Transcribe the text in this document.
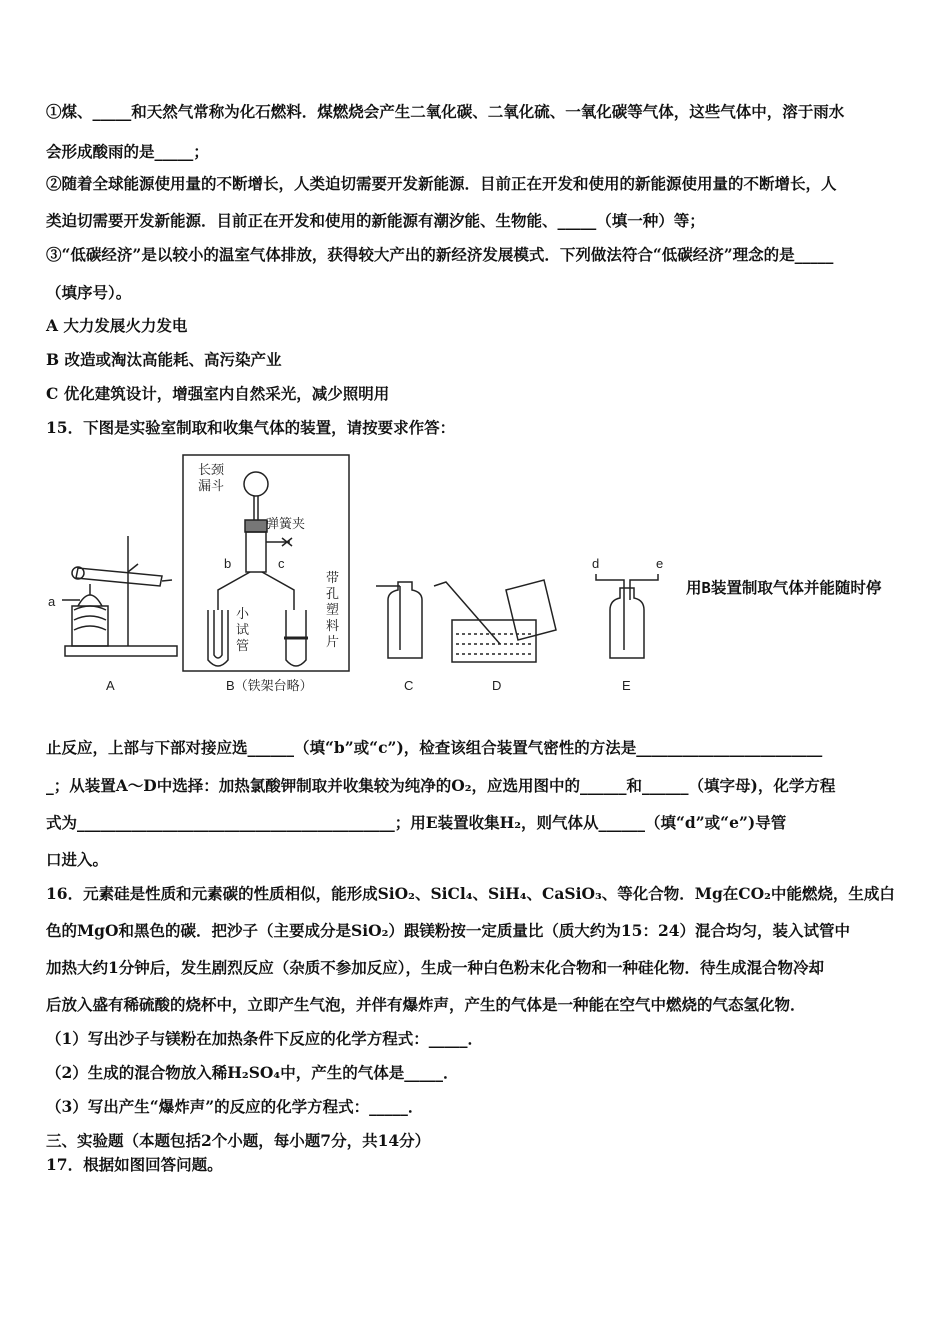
①煤、_____和天然气常称为化石燃料．煤燃烧会产生二氧化碳、二氧化硫、一氧化碳等气体，这些气体中，溶于雨水
会形成酸雨的是_____；
②随着全球能源使用量的不断增长，人类迫切需要开发新能源．目前正在开发和使用的新能源使用量的不断增长，人
类迫切需要开发新能源．目前正在开发和使用的新能源有潮汐能、生物能、_____（填一种）等；
③“低碳经济”是以较小的温室气体排放，获得较大产出的新经济发展模式．下列做法符合“低碳经济”理念的是_____
（填序号）。
A 大力发展火力发电
B 改造或淘汰高能耗、高污染产业
C 优化建筑设计，增强室内自然采光，减少照明用
15．下图是实验室制取和收集气体的装置，请按要求作答：
a
b	c	d	e
长颈
漏斗
弹簧夹
小
试
管
带
孔
塑
料
片
A	B（铁架台略）	C	D	E
用B装置制取气体并能随时停
止反应，上部与下部对接应选______（填“b”或“c”)，检查该组合装置气密性的方法是________________________
_；从装置A～D中选择：加热氯酸钾制取并收集较为纯净的O₂，应选用图中的______和______（填字母)，化学方程
式为_________________________________________；用E装置收集H₂，则气体从______（填“d”或“e”)导管
口进入。
16．元素硅是性质和元素碳的性质相似，能形成SiO₂、SiCl₄、SiH₄、CaSiO₃、等化合物．Mg在CO₂中能燃烧，生成白
色的MgO和黑色的碳．把沙子（主要成分是SiO₂）跟镁粉按一定质量比（质大约为15：24）混合均匀，装入试管中
加热大约1分钟后，发生剧烈反应（杂质不参加反应），生成一种白色粉末化合物和一种硅化物．待生成混合物冷却
后放入盛有稀硫酸的烧杯中，立即产生气泡，并伴有爆炸声，产生的气体是一种能在空气中燃烧的气态氢化物．
（1）写出沙子与镁粉在加热条件下反应的化学方程式：_____．
（2）生成的混合物放入稀H₂SO₄中，产生的气体是_____．
（3）写出产生“爆炸声”的反应的化学方程式：_____．
三、实验题（本题包括2个小题，每小题7分，共14分）
17．根据如图回答问题。
